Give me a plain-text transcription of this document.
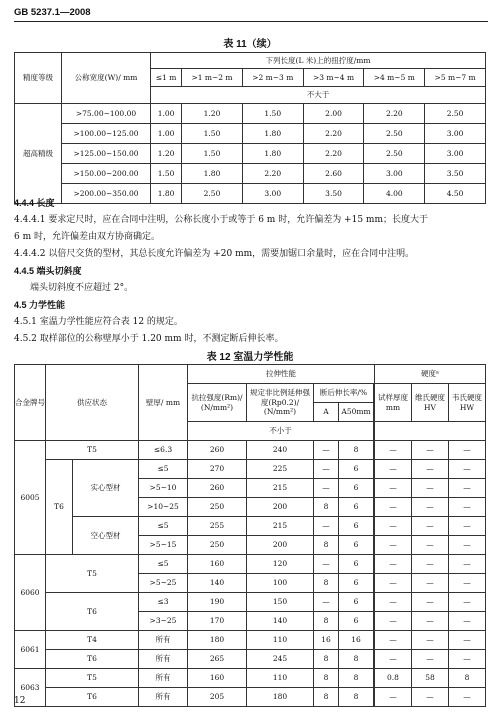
GB 5237.1—2008
表 11（续）
精度等级	公称宽度(W)/ mm	下列长度(L 米)上的扭拧度/mm					
		≤1 m	>1 m~2 m	>2 m~3 m	>3 m~4 m	>4 m~5 m	>5 m~7 m
		不大于					
超高精级	>75.00~100.00	1.00	1.20	1.50	2.00	2.20	2.50
	>100.00~125.00	1.00	1.50	1.80	2.20	2.50	3.00
	>125.00~150.00	1.20	1.50	1.80	2.20	2.50	3.00
	>150.00~200.00	1.50	1.80	2.20	2.60	3.00	3.50
	>200.00~350.00	1.80	2.50	3.00	3.50	4.00	4.50
4.4.4 长度
4.4.4.1 要求定尺时，应在合同中注明，公称长度小于或等于 6 m 时，允许偏差为 +15 mm；长度大于
6 m 时，允许偏差由双方协商确定。
4.4.4.2 以倍尺交货的型材，其总长度允许偏差为 +20 mm，需要加锯口余量时，应在合同中注明。
4.4.5 端头切斜度
端头切斜度不应超过 2°。
4.5 力学性能
4.5.1 室温力学性能应符合表 12 的规定。
4.5.2 取样部位的公称壁厚小于 1.20 mm 时，不测定断后伸长率。
表 12 室温力学性能
合金牌号	供应状态		壁厚/ mm	拉伸性能				硬度ᵃ		
				抗拉强度(Rm)/ (N/mm²)	规定非比例延伸强度(Rp0.2)/ (N/mm²)	断后伸长率/%		试样厚度 mm	维氏硬度 HV	韦氏硬度 HW
						A	A50mm			
				不小于						
6005	T5		≤6.3	260	240	—	8		—	—	—
	T6	实心型材	≤5	270	225	—	6		—	—	—
			>5~10	260	215	—	6		—	—	—
			>10~25	250	200	8	6		—	—	—
		空心型材	≤5	255	215	—	6		—	—	—
			>5~15	250	200	8	6		—	—	—
6060	T5		≤5	160	120	—	6		—	—	—
			>5~25	140	100	8	6		—	—	—
	T6		≤3	190	150	—	6		—	—	—
			>3~25	170	140	8	6		—	—	—
6061	T4		所有	180	110	16	16		—	—	—
	T6		所有	265	245	8	8		—	—	—
6063	T5		所有	160	110	8	8		0.8	58	8
	T6		所有	205	180	8	8		—	—	—
12
